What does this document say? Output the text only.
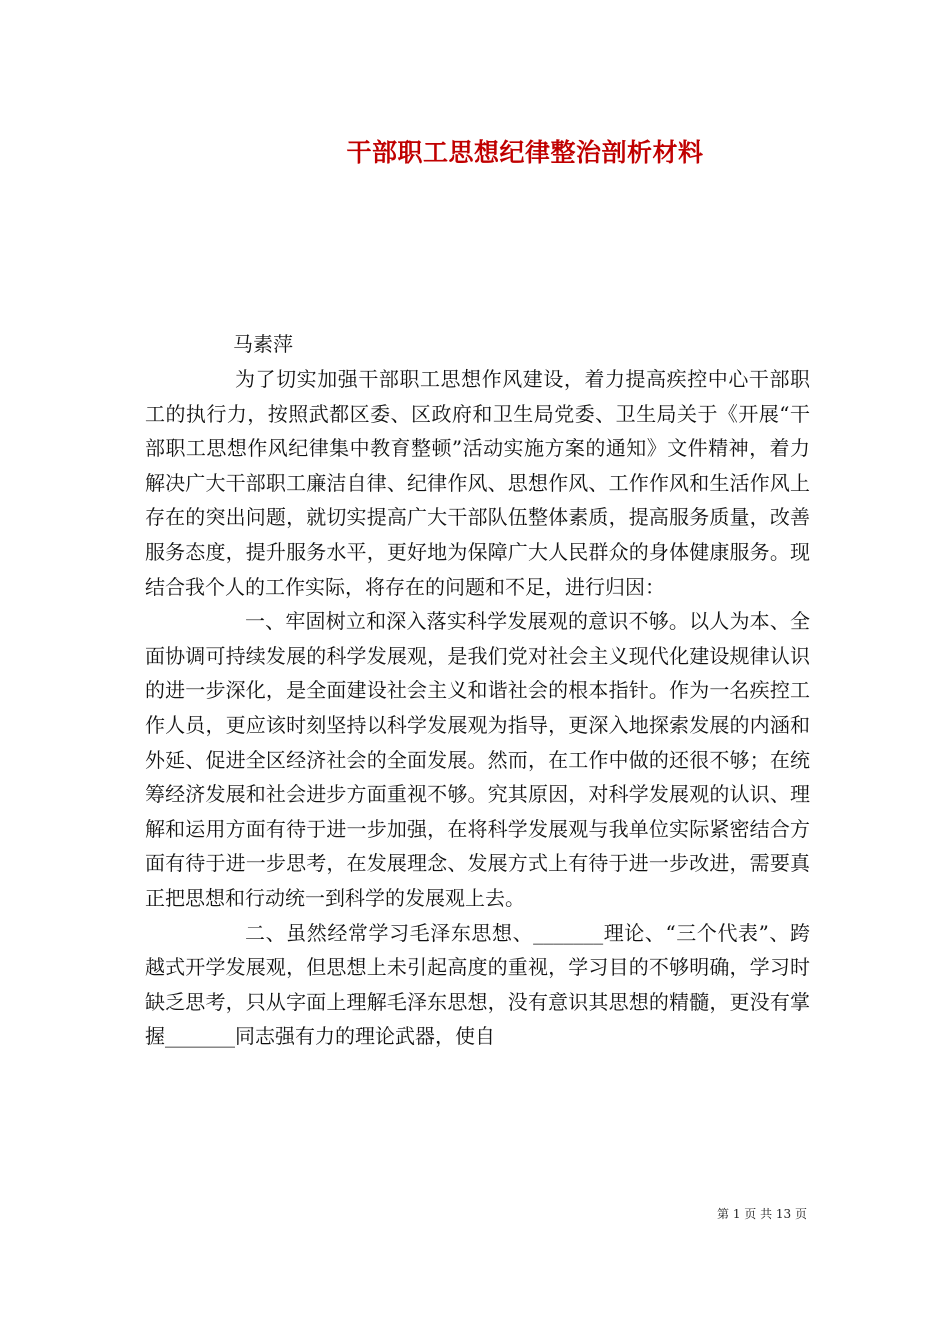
干部职工思想纪律整治剖析材料
马素萍

为了切实加强干部职工思想作风建设，着力提高疾控中心干部职工的执行力，按照武都区委、区政府和卫生局党委、卫生局关于《开展“干部职工思想作风纪律集中教育整顿”活动实施方案的通知》文件精神，着力解决广大干部职工廉洁自律、纪律作风、思想作风、工作作风和生活作风上存在的突出问题，就切实提高广大干部队伍整体素质，提高服务质量，改善服务态度，提升服务水平，更好地为保障广大人民群众的身体健康服务。现结合我个人的工作实际，将存在的问题和不足，进行归因：

一、牢固树立和深入落实科学发展观的意识不够。以人为本、全面协调可持续发展的科学发展观，是我们党对社会主义现代化建设规律认识的进一步深化，是全面建设社会主义和谐社会的根本指针。作为一名疾控工作人员，更应该时刻坚持以科学发展观为指导，更深入地探索发展的内涵和外延、促进全区经济社会的全面发展。然而，在工作中做的还很不够；在统筹经济发展和社会进步方面重视不够。究其原因，对科学发展观的认识、理解和运用方面有待于进一步加强，在将科学发展观与我单位实际紧密结合方面有待于进一步思考，在发展理念、发展方式上有待于进一步改进，需要真正把思想和行动统一到科学的发展观上去。

二、虽然经常学习毛泽东思想、_______理论、“三个代表”、跨越式开学发展观，但思想上未引起高度的重视，学习目的不够明确，学习时缺乏思考，只从字面上理解毛泽东思想，没有意识其思想的精髓，更没有掌握_______同志强有力的理论武器，使自

第 1 页 共 13 页
